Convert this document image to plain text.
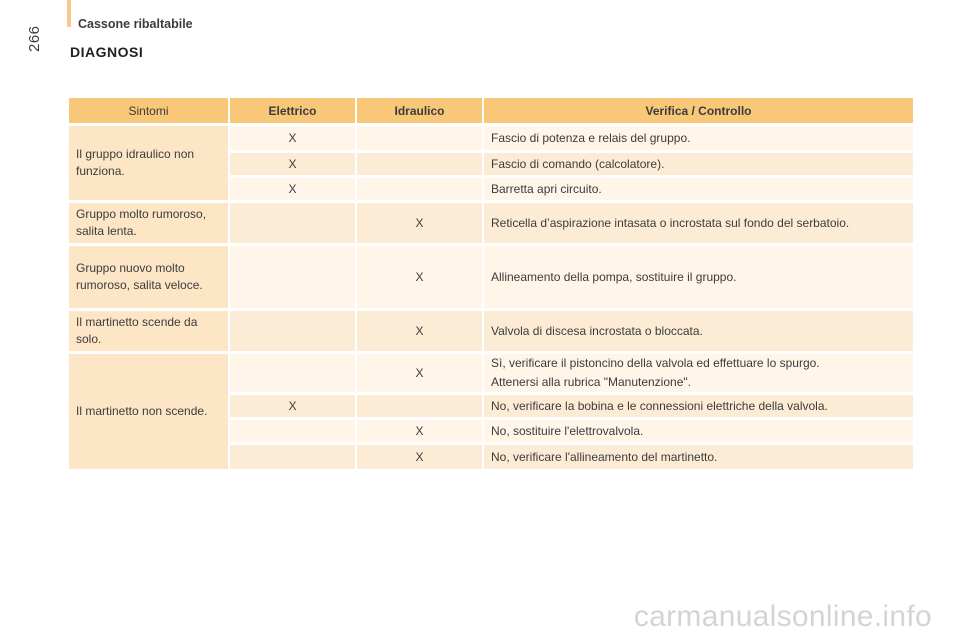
Cassone ribaltabile
266 DIAGNOSI
Sintomi	Elettrico	Idraulico	Verifica / Controllo
Il gruppo idraulico non funziona.	X		Fascio di potenza e relais del gruppo.
	X		Fascio di comando (calcolatore).
	X		Barretta apri circuito.
Gruppo molto rumoroso, salita lenta.		X	Reticella d’aspirazione intasata o incrostata sul fondo del serbatoio.
Gruppo nuovo molto rumoroso, salita veloce.		X	Allineamento della pompa, sostituire il gruppo.
Il martinetto scende da solo.		X	Valvola di discesa incrostata o bloccata.
Il martinetto non scende.		X	Sì, verificare il pistoncino della valvola ed effettuare lo spurgo.
Attenersi alla rubrica "Manutenzione".

	X		No, verificare la bobina e le connessioni elettriche della valvola.
		X	No, sostituire l'elettrovalvola.
		X	No, verificare l'allineamento del martinetto.
carmanualsonline.info
